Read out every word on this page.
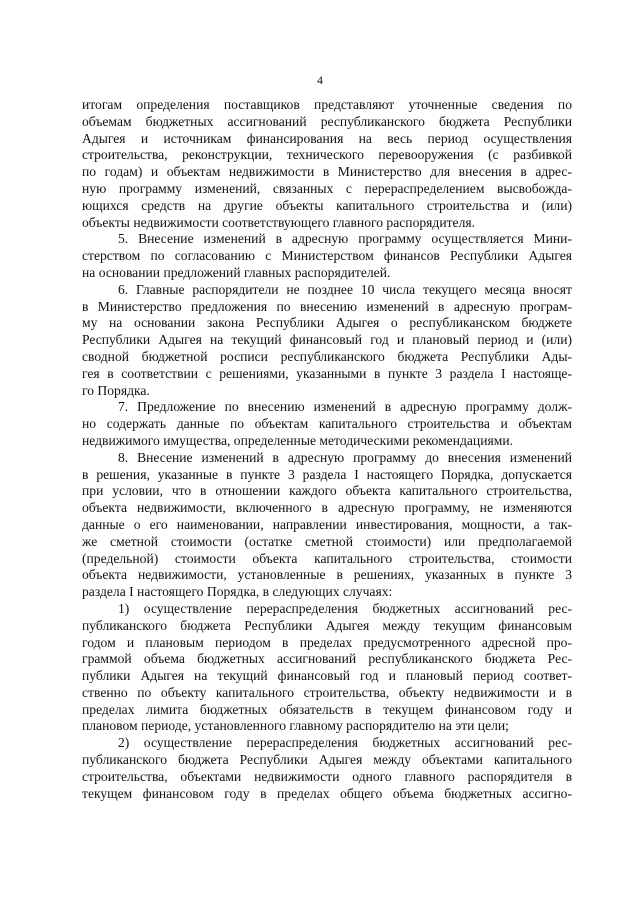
4

итогам определения поставщиков представляют уточненные сведения по
объемам бюджетных ассигнований республиканского бюджета Республики
Адыгея и источникам финансирования на весь период осуществления
строительства, реконструкции, технического перевооружения (с разбивкой
по годам) и объектам недвижимости в Министерство для внесения в адрес-
ную программу изменений, связанных с перераспределением высвобожда-
ющихся средств на другие объекты капитального строительства и (или)
объекты недвижимости соответствующего главного распорядителя.

5. Внесение изменений в адресную программу осуществляется Мини-
стерством по согласованию с Министерством финансов Республики Адыгея
на основании предложений главных распорядителей.

6. Главные распорядители не позднее 10 числа текущего месяца вносят
в Министерство предложения по внесению изменений в адресную програм-
му на основании закона Республики Адыгея о республиканском бюджете
Республики Адыгея на текущий финансовый год и плановый период и (или)
сводной бюджетной росписи республиканского бюджета Республики Ады-
гея в соответствии с решениями, указанными в пункте 3 раздела I настояще-
го Порядка.

7. Предложение по внесению изменений в адресную программу долж-
но содержать данные по объектам капитального строительства и объектам
недвижимого имущества, определенные методическими рекомендациями.

8. Внесение изменений в адресную программу до внесения изменений
в решения, указанные в пункте 3 раздела I настоящего Порядка, допускается
при условии, что в отношении каждого объекта капитального строительства,
объекта недвижимости, включенного в адресную программу, не изменяются
данные о его наименовании, направлении инвестирования, мощности, а так-
же сметной стоимости (остатке сметной стоимости) или предполагаемой
(предельной) стоимости объекта капитального строительства, стоимости
объекта недвижимости, установленные в решениях, указанных в пункте 3
раздела I настоящего Порядка, в следующих случаях:

1) осуществление перераспределения бюджетных ассигнований рес-
публиканского бюджета Республики Адыгея между текущим финансовым
годом и плановым периодом в пределах предусмотренного адресной про-
граммой объема бюджетных ассигнований республиканского бюджета Рес-
публики Адыгея на текущий финансовый год и плановый период соответ-
ственно по объекту капитального строительства, объекту недвижимости и в
пределах лимита бюджетных обязательств в текущем финансовом году и
плановом периоде, установленного главному распорядителю на эти цели;

2) осуществление перераспределения бюджетных ассигнований рес-
публиканского бюджета Республики Адыгея между объектами капитального
строительства, объектами недвижимости одного главного распорядителя в
текущем финансовом году в пределах общего объема бюджетных ассигно-
